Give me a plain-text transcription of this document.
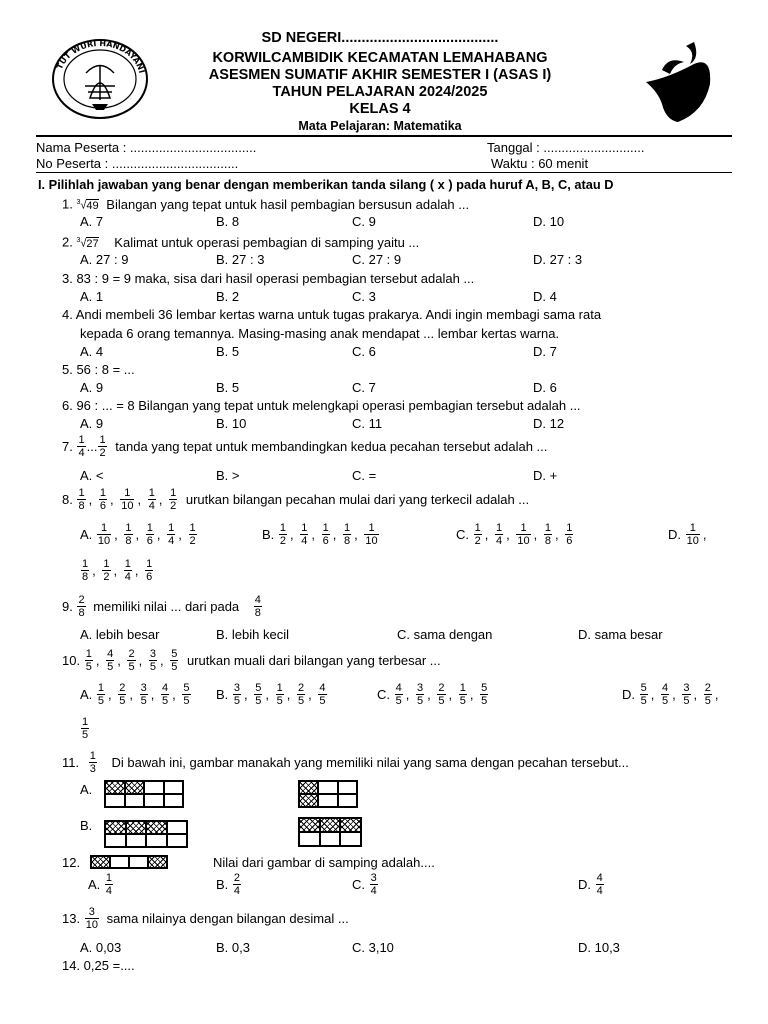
TUT WURI HANDAYANI
SD NEGERI.......................................
KORWILCAMBIDIK KECAMATAN LEMAHABANG
ASESMEN SUMATIF AKHIR SEMESTER I (ASAS I)
TAHUN PELAJARAN 2024/2025
KELAS 4
Mata Pelajaran: Matematika
Nama Peserta : ...................................	Tanggal : ............................
No Peserta : ...................................	Waktu : 60 menit
I. Pilihlah jawaban yang benar dengan memberikan tanda silang ( x ) pada huruf A, B, C, atau D
1. $^3$√49 Bilangan yang tepat untuk hasil pembagian bersusun adalah ...
A. 7	B. 8	C. 9	D. 10
2. $^3$√27 Kalimat untuk operasi pembagian di samping yaitu ...
A. 27 : 9	B. 27 : 3	C. 27 : 9	D. 27 : 3
3. 83 : 9 = 9 maka, sisa dari hasil operasi pembagian tersebut adalah ...
A. 1	B. 2	C. 3	D. 4
4. Andi membeli 36 lembar kertas warna untuk tugas prakarya. Andi ingin membagi sama rata
kepada 6 orang temannya. Masing-masing anak mendapat ... lembar kertas warna.
A. 4	B. 5	C. 6	D. 7
5. 56 : 8 = ...
A. 9	B. 5	C. 7	D. 6
6. 96 : ... = 8 Bilangan yang tepat untuk melengkapi operasi pembagian tersebut adalah ...
A. 9	B. 10	C. 11	D. 12
7. $\frac{1}{4}$ ... $\frac{1}{2}$ tanda yang tepat untuk membandingkan kedua pecahan tersebut adalah ...
A. <	B. >	C. =	D. +
8. $\frac{1}{8}$ , $\frac{1}{6}$ , $\frac{1}{10}$ , $\frac{1}{4}$ , $\frac{1}{2}$ urutkan bilangan pecahan mulai dari yang terkecil adalah ...
A. $\frac{1}{10}$ , $\frac{1}{8}$ , $\frac{1}{6}$ , $\frac{1}{4}$ , $\frac{1}{2}$	B. $\frac{1}{2}$ , $\frac{1}{4}$ , $\frac{1}{6}$ , $\frac{1}{8}$ , $\frac{1}{10}$	C. $\frac{1}{2}$ , $\frac{1}{4}$ , $\frac{1}{10}$ , $\frac{1}{8}$ , $\frac{1}{6}$	D. $\frac{1}{10}$ ,
$\frac{1}{8}$ , $\frac{1}{2}$ , $\frac{1}{4}$ , $\frac{1}{6}$
9. $\frac{2}{8}$ memiliki nilai ... dari pada $\frac{4}{8}$
A. lebih besar	B. lebih kecil	C. sama dengan	D. sama besar
10. $\frac{1}{5}$ , $\frac{4}{5}$ , $\frac{2}{5}$ , $\frac{3}{5}$ , $\frac{5}{5}$ urutkan muali dari bilangan yang terbesar ...
A. $\frac{1}{5}$ , $\frac{2}{5}$ , $\frac{3}{5}$ , $\frac{4}{5}$ , $\frac{5}{5} B$. $\frac{3}{5}$ , $\frac{5}{5}$ , $\frac{1}{5}$ , $\frac{2}{5}$ , $\frac{4}{5}$	C. $\frac{4}{5}$ , $\frac{3}{5}$ , $\frac{2}{5}$ , $\frac{1}{5}$ , $\frac{5}{5}$	D. $\frac{5}{5}$ , $\frac{4}{5}$ , $\frac{3}{5}$ , $\frac{2}{5}$ ,
$\frac{1}{5}$
11. $\frac{1}{3}$ Di bawah ini, gambar manakah yang memiliki nilai yang sama dengan pecahan tersebut...
A.
B.
12.	Nilai dari gambar di samping adalah....
A. $\frac{1}{4}$	B. $\frac{2}{4}$	C. $\frac{3}{4}$	D. $\frac{4}{4}$
13. $\frac{3}{10}$ sama nilainya dengan bilangan desimal ...
A. 0,03	B. 0,3	C. 3,10	D. 10,3
14. 0,25 =....
